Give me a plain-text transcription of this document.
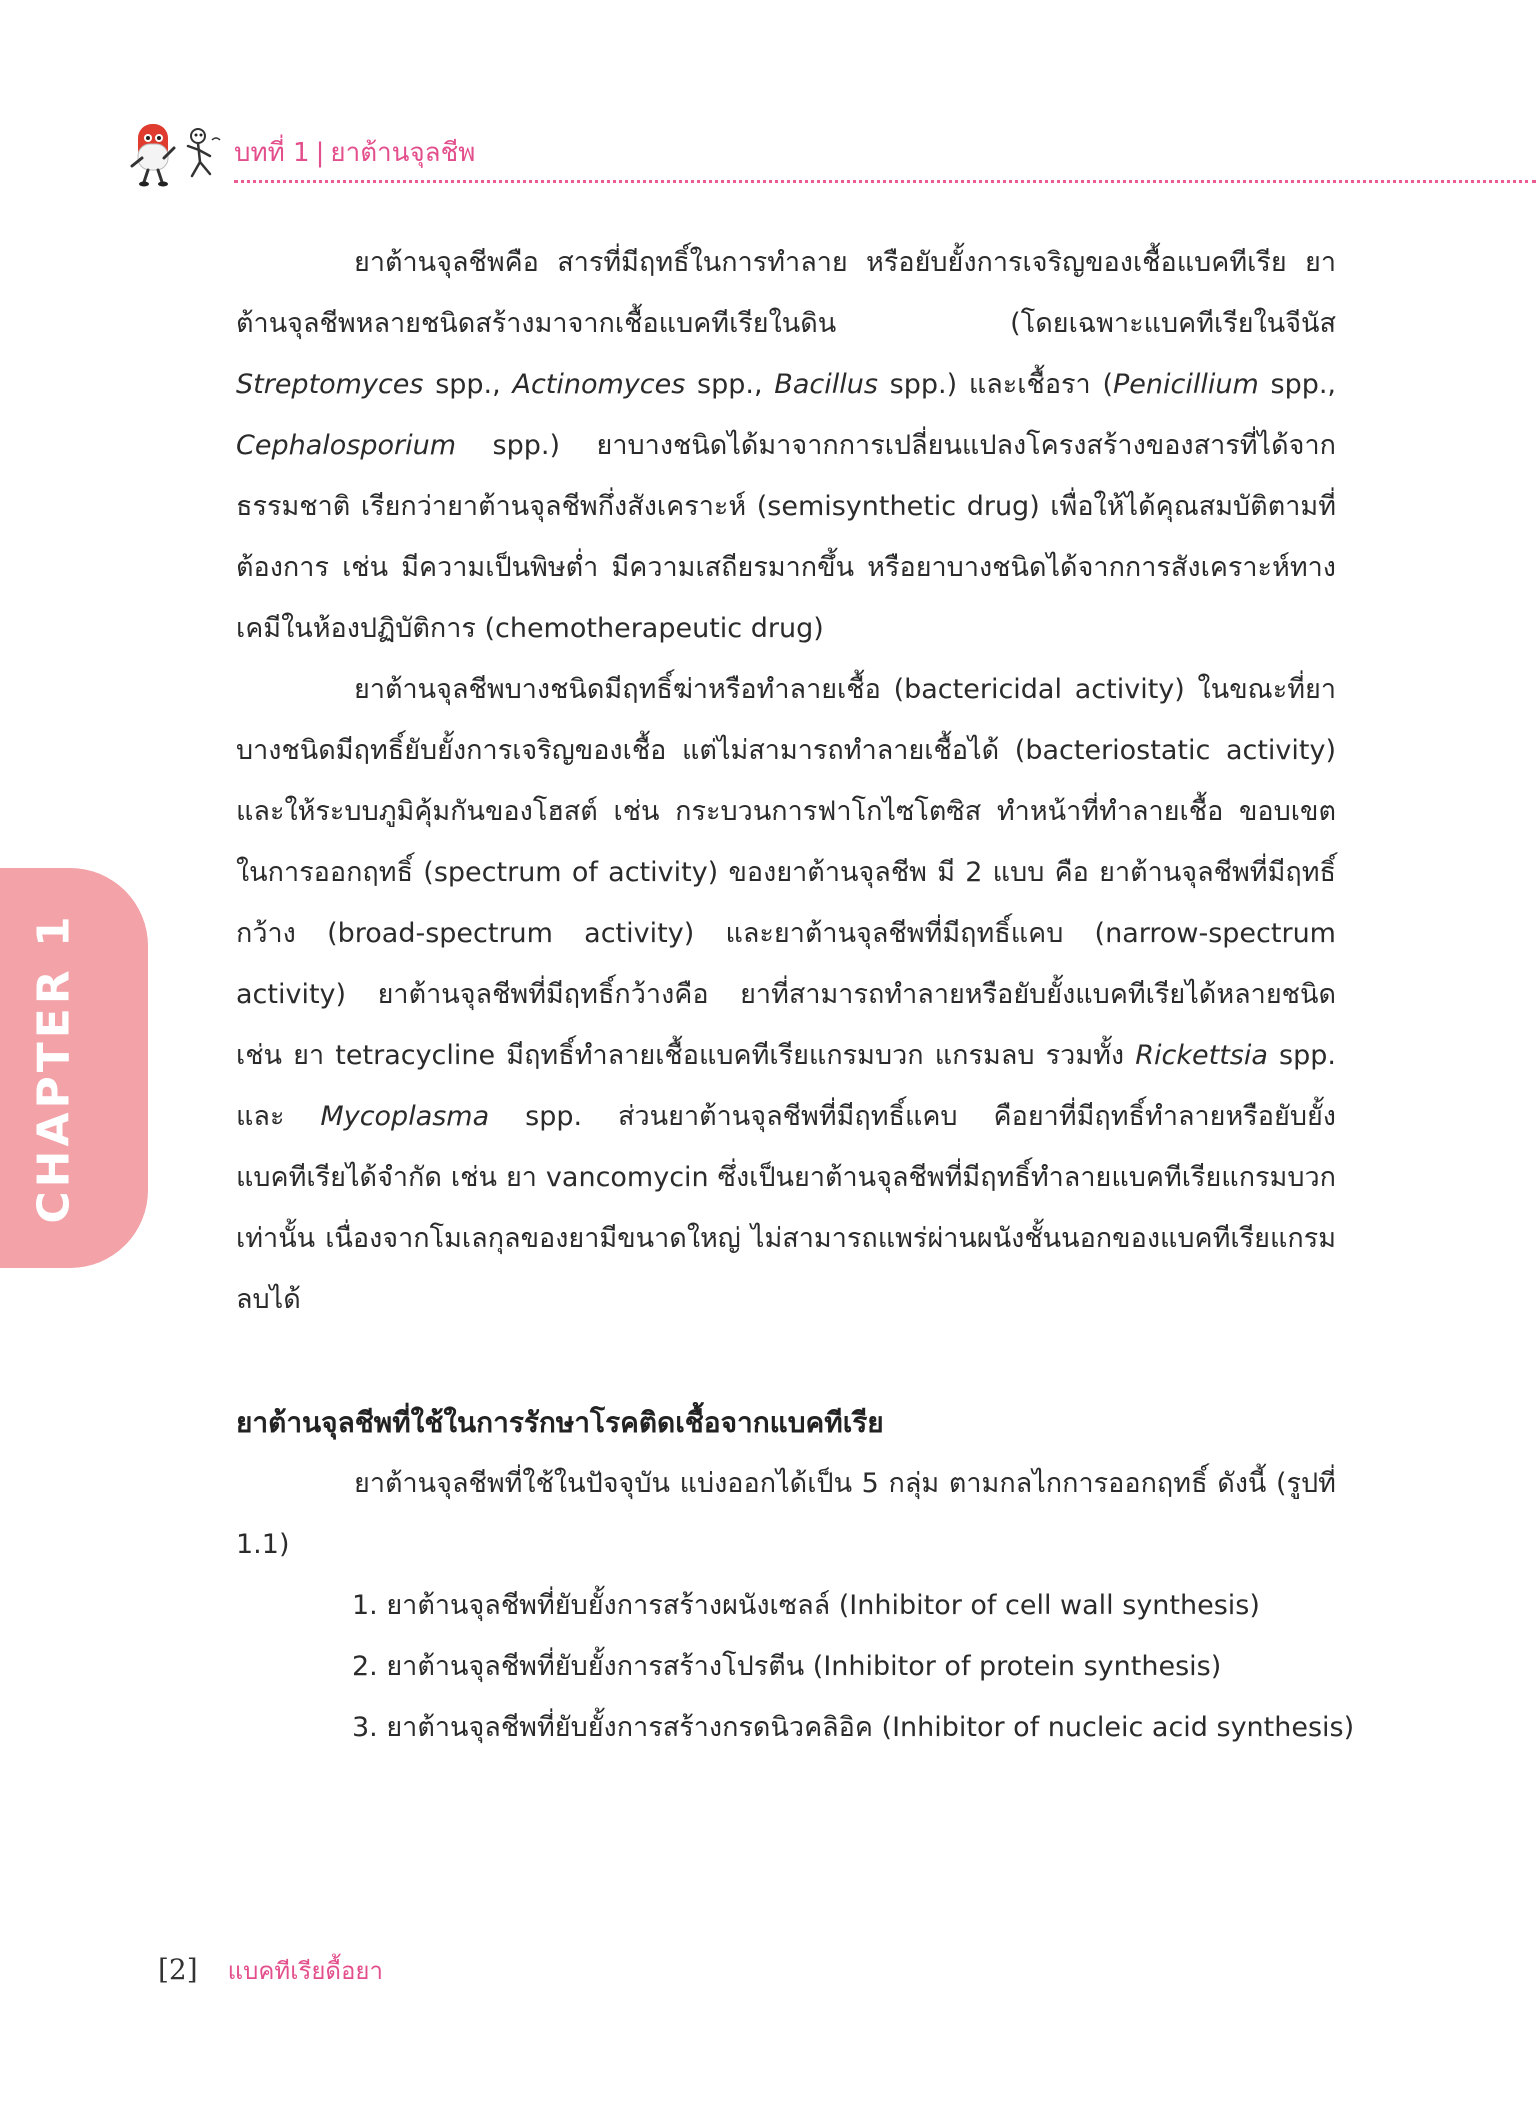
บทที่ 1 | ยาต้านจุลชีพ
CHAPTER 1

ยาต้านจุลชีพคือ สารที่มีฤทธิ์ในการทำลาย หรือยับยั้งการเจริญของเชื้อแบคทีเรีย ยาต้านจุลชีพหลายชนิดสร้างมาจากเชื้อแบคทีเรียในดิน (โดยเฉพาะแบคทีเรียในจีนัส Streptomyces spp., Actinomyces spp., Bacillus spp.) และเชื้อรา (Penicillium spp., Cephalosporium spp.) ยาบางชนิดได้มาจากการเปลี่ยนแปลงโครงสร้างของสารที่ได้จากธรรมชาติ เรียกว่ายาต้านจุลชีพกึ่งสังเคราะห์ (semisynthetic drug) เพื่อให้ได้คุณสมบัติตามที่ต้องการ เช่น มีความเป็นพิษต่ำ มีความเสถียรมากขึ้น หรือยาบางชนิดได้จากการสังเคราะห์ทางเคมีในห้องปฏิบัติการ (chemotherapeutic drug)

ยาต้านจุลชีพบางชนิดมีฤทธิ์ฆ่าหรือทำลายเชื้อ (bactericidal activity) ในขณะที่ยาบางชนิดมีฤทธิ์ยับยั้งการเจริญของเชื้อ แต่ไม่สามารถทำลายเชื้อได้ (bacteriostatic activity) และให้ระบบภูมิคุ้มกันของโฮสต์ เช่น กระบวนการฟาโกไซโตซิส ทำหน้าที่ทำลายเชื้อ ขอบเขตในการออกฤทธิ์ (spectrum of activity) ของยาต้านจุลชีพ มี 2 แบบ คือ ยาต้านจุลชีพที่มีฤทธิ์กว้าง (broad-spectrum activity) และยาต้านจุลชีพที่มีฤทธิ์แคบ (narrow-spectrum activity) ยาต้านจุลชีพที่มีฤทธิ์กว้างคือ ยาที่สามารถทำลายหรือยับยั้งแบคทีเรียได้หลายชนิด เช่น ยา tetracycline มีฤทธิ์ทำลายเชื้อแบคทีเรียแกรมบวก แกรมลบ รวมทั้ง Rickettsia spp. และ Mycoplasma spp. ส่วนยาต้านจุลชีพที่มีฤทธิ์แคบ คือยาที่มีฤทธิ์ทำลายหรือยับยั้งแบคทีเรียได้จำกัด เช่น ยา vancomycin ซึ่งเป็นยาต้านจุลชีพที่มีฤทธิ์ทำลายแบคทีเรียแกรมบวกเท่านั้น เนื่องจากโมเลกุลของยามีขนาดใหญ่ ไม่สามารถแพร่ผ่านผนังชั้นนอกของแบคทีเรียแกรมลบได้

ยาต้านจุลชีพที่ใช้ในการรักษาโรคติดเชื้อจากแบคทีเรีย

ยาต้านจุลชีพที่ใช้ในปัจจุบัน แบ่งออกได้เป็น 5 กลุ่ม ตามกลไกการออกฤทธิ์ ดังนี้ (รูปที่ 1.1)

1. ยาต้านจุลชีพที่ยับยั้งการสร้างผนังเซลล์ (Inhibitor of cell wall synthesis)
2. ยาต้านจุลชีพที่ยับยั้งการสร้างโปรตีน (Inhibitor of protein synthesis)
3. ยาต้านจุลชีพที่ยับยั้งการสร้างกรดนิวคลิอิค (Inhibitor of nucleic acid synthesis)
[2] แบคทีเรียดื้อยา
